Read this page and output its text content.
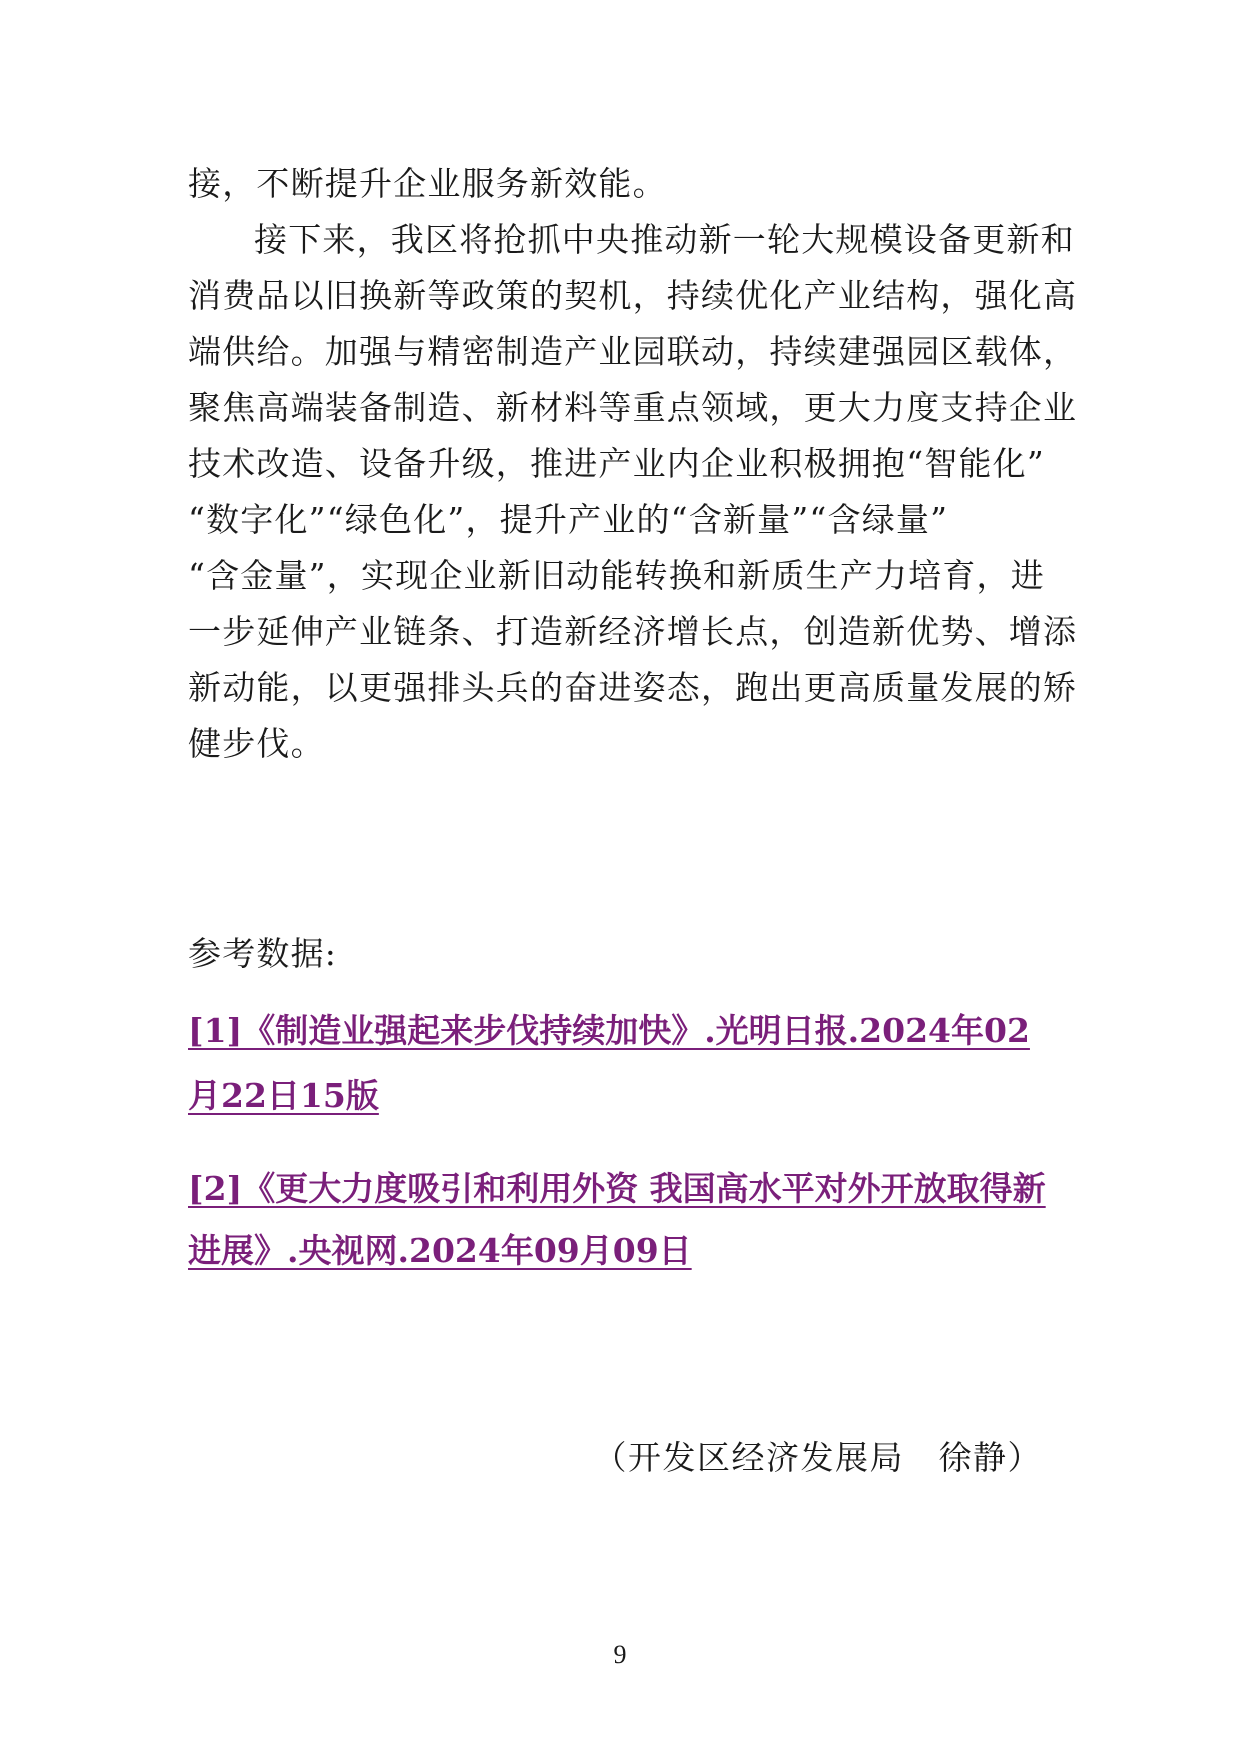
接，不断提升企业服务新效能。
接下来，我区将抢抓中央推动新一轮大规模设备更新和
消费品以旧换新等政策的契机，持续优化产业结构，强化高
端供给。加强与精密制造产业园联动，持续建强园区载体，
聚焦高端装备制造、新材料等重点领域，更大力度支持企业
技术改造、设备升级，推进产业内企业积极拥抱“智能化”
“数字化”“绿色化”，提升产业的“含新量”“含绿量”
“含金量”，实现企业新旧动能转换和新质生产力培育，进
一步延伸产业链条、打造新经济增长点，创造新优势、增添
新动能，以更强排头兵的奋进姿态，跑出更高质量发展的矫
健步伐。
参考数据:
[1]《制造业强起来步伐持续加快》.光明日报.2024年02
月22日15版
[2]《更大力度吸引和利用外资 我国高水平对外开放取得新
进展》.央视网.2024年09月09日
（开发区经济发展局　徐静）
9
